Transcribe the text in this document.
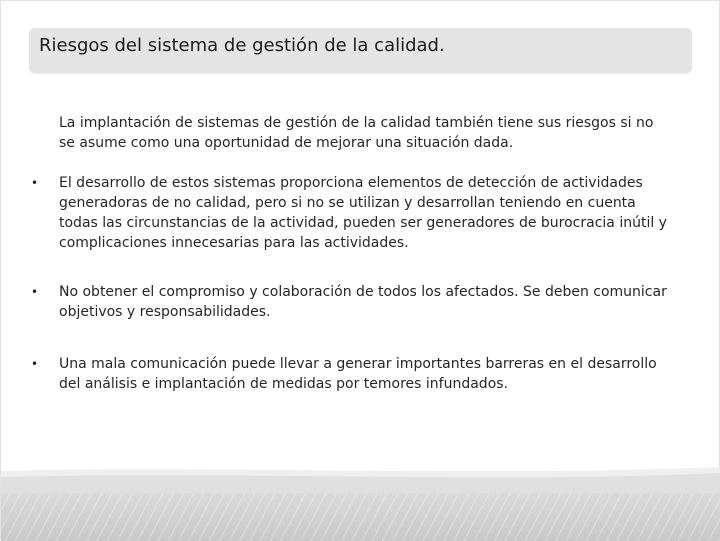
Riesgos del sistema de gestión de la calidad.

La implantación de sistemas de gestión de la calidad también tiene sus riesgos si no se asume como una oportunidad de mejorar una situación dada.

•	El desarrollo de estos sistemas proporciona elementos de detección de actividades generadoras de no calidad, pero si no se utilizan y desarrollan teniendo en cuenta todas las circunstancias de la actividad, pueden ser generadores de burocracia inútil y complicaciones innecesarias para las actividades.
•	No obtener el compromiso y colaboración de todos los afectados. Se deben comunicar objetivos y responsabilidades.
•	Una mala comunicación puede llevar a generar importantes barreras en el desarrollo del análisis e implantación de medidas por temores infundados.
